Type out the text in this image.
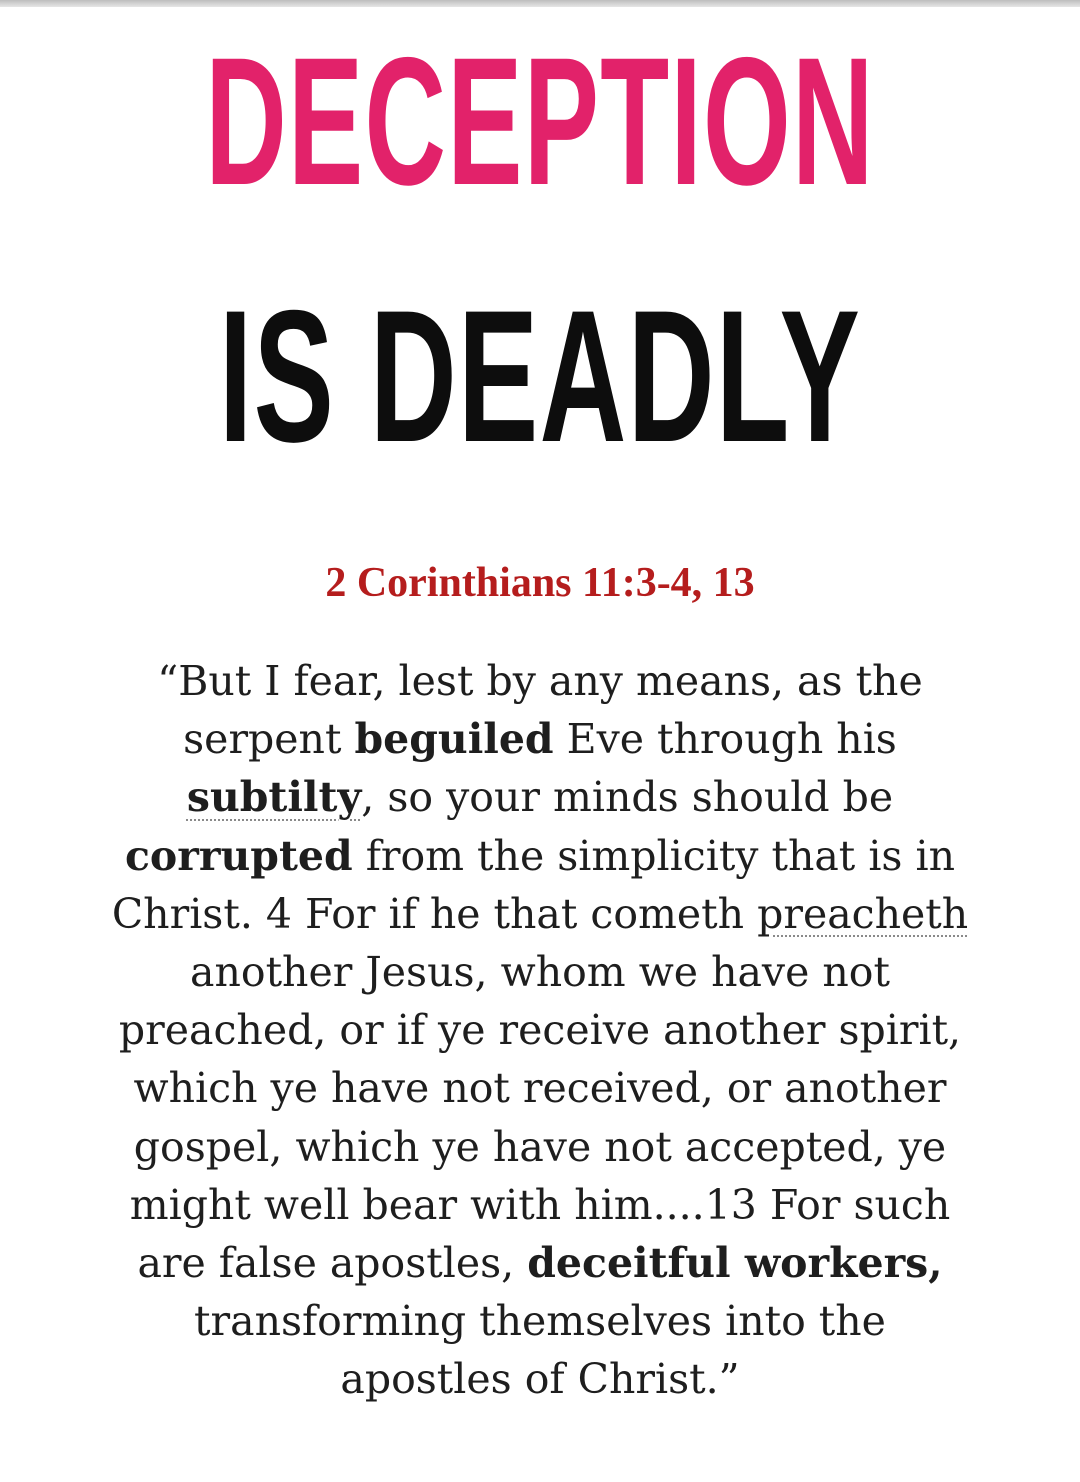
DECEPTION
IS DEADLY
2 Corinthians 11:3-4, 13

“But I fear, lest by any means, as the
serpent beguiled Eve through his
subtilty, so your minds should be
corrupted from the simplicity that is in
Christ. 4 For if he that cometh preacheth
another Jesus, whom we have not
preached, or if ye receive another spirit,
which ye have not received, or another
gospel, which ye have not accepted, ye
might well bear with him....13 For such
are false apostles, deceitful workers,
transforming themselves into the
apostles of Christ.”
